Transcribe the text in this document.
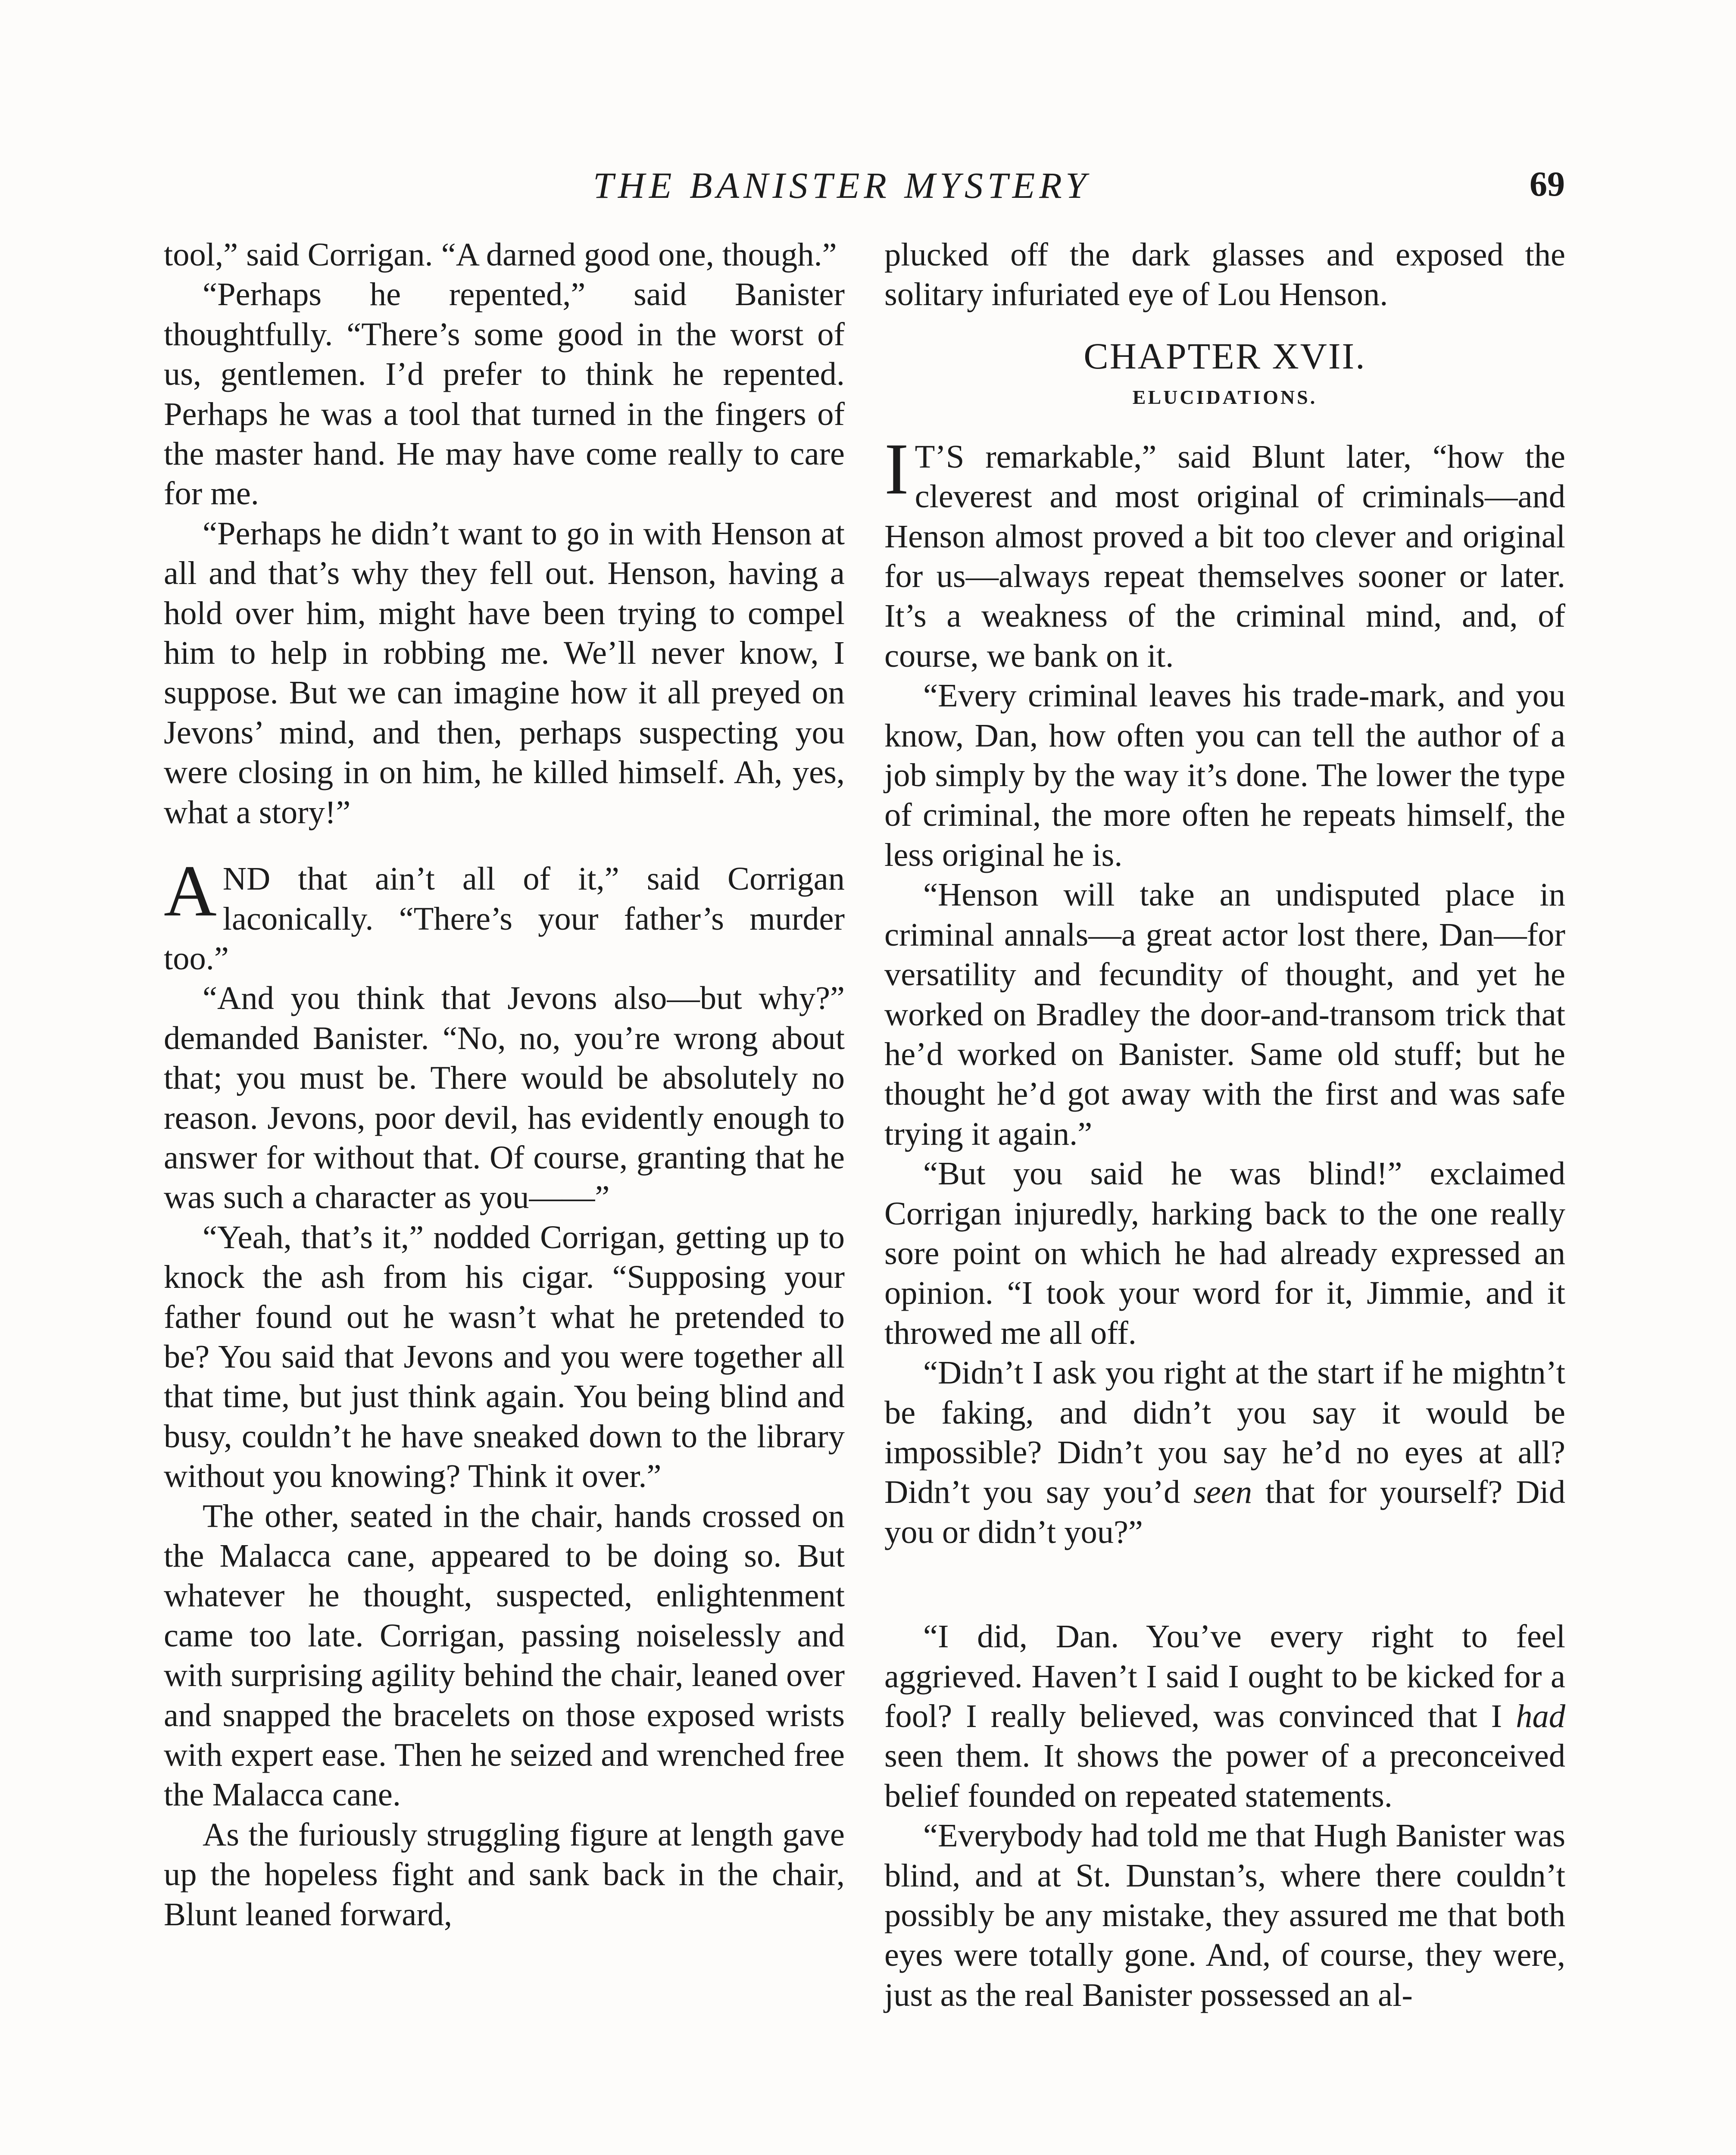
THE BANISTER MYSTERY	69

tool,” said Corrigan. “A darned good one, though.”

“Perhaps he repented,” said Banister thoughtfully. “There’s some good in the worst of us, gentlemen. I’d prefer to think he repented. Perhaps he was a tool that turned in the fingers of the master hand. He may have come really to care for me.

“Perhaps he didn’t want to go in with Henson at all and that’s why they fell out. Henson, having a hold over him, might have been trying to compel him to help in robbing me. We’ll never know, I suppose. But we can imagine how it all preyed on Jevons’ mind, and then, perhaps suspecting you were closing in on him, he killed himself. Ah, yes, what a story!”

AND that ain’t all of it,” said Corrigan laconically. “There’s your father’s murder too.”

“And you think that Jevons also—but why?” demanded Banister. “No, no, you’re wrong about that; you must be. There would be absolutely no reason. Jevons, poor devil, has evidently enough to answer for without that. Of course, granting that he was such a character as you——”

“Yeah, that’s it,” nodded Corrigan, getting up to knock the ash from his cigar. “Supposing your father found out he wasn’t what he pretended to be? You said that Jevons and you were together all that time, but just think again. You being blind and busy, couldn’t he have sneaked down to the library without you knowing? Think it over.”

The other, seated in the chair, hands crossed on the Malacca cane, appeared to be doing so. But whatever he thought, suspected, enlightenment came too late. Corrigan, passing noiselessly and with surprising agility behind the chair, leaned over and snapped the bracelets on those exposed wrists with expert ease. Then he seized and wrenched free the Malacca cane.

As the furiously struggling figure at length gave up the hopeless fight and sank back in the chair, Blunt leaned forward,

plucked off the dark glasses and exposed the solitary infuriated eye of Lou Henson.

CHAPTER XVII.
ELUCIDATIONS.

I T’S remarkable,” said Blunt later, “how the cleverest and most original of criminals—and Henson almost proved a bit too clever and original for us—always repeat themselves sooner or later. It’s a weakness of the criminal mind, and, of course, we bank on it.

“Every criminal leaves his trade-mark, and you know, Dan, how often you can tell the author of a job simply by the way it’s done. The lower the type of criminal, the more often he repeats himself, the less original he is.

“Henson will take an undisputed place in criminal annals—a great actor lost there, Dan—for versatility and fecundity of thought, and yet he worked on Bradley the door-and-transom trick that he’d worked on Banister. Same old stuff; but he thought he’d got away with the first and was safe trying it again.”

“But you said he was blind!” exclaimed Corrigan injuredly, harking back to the one really sore point on which he had already expressed an opinion. “I took your word for it, Jimmie, and it throwed me all off.

“Didn’t I ask you right at the start if he mightn’t be faking, and didn’t you say it would be impossible? Didn’t you say he’d no eyes at all? Didn’t you say you’d seen that for yourself? Did you or didn’t you?”

“I did, Dan. You’ve every right to feel aggrieved. Haven’t I said I ought to be kicked for a fool? I really believed, was convinced that I had seen them. It shows the power of a preconceived belief founded on repeated statements.

“Everybody had told me that Hugh Banister was blind, and at St. Dunstan’s, where there couldn’t possibly be any mistake, they assured me that both eyes were totally gone. And, of course, they were, just as the real Banister possessed an al-
